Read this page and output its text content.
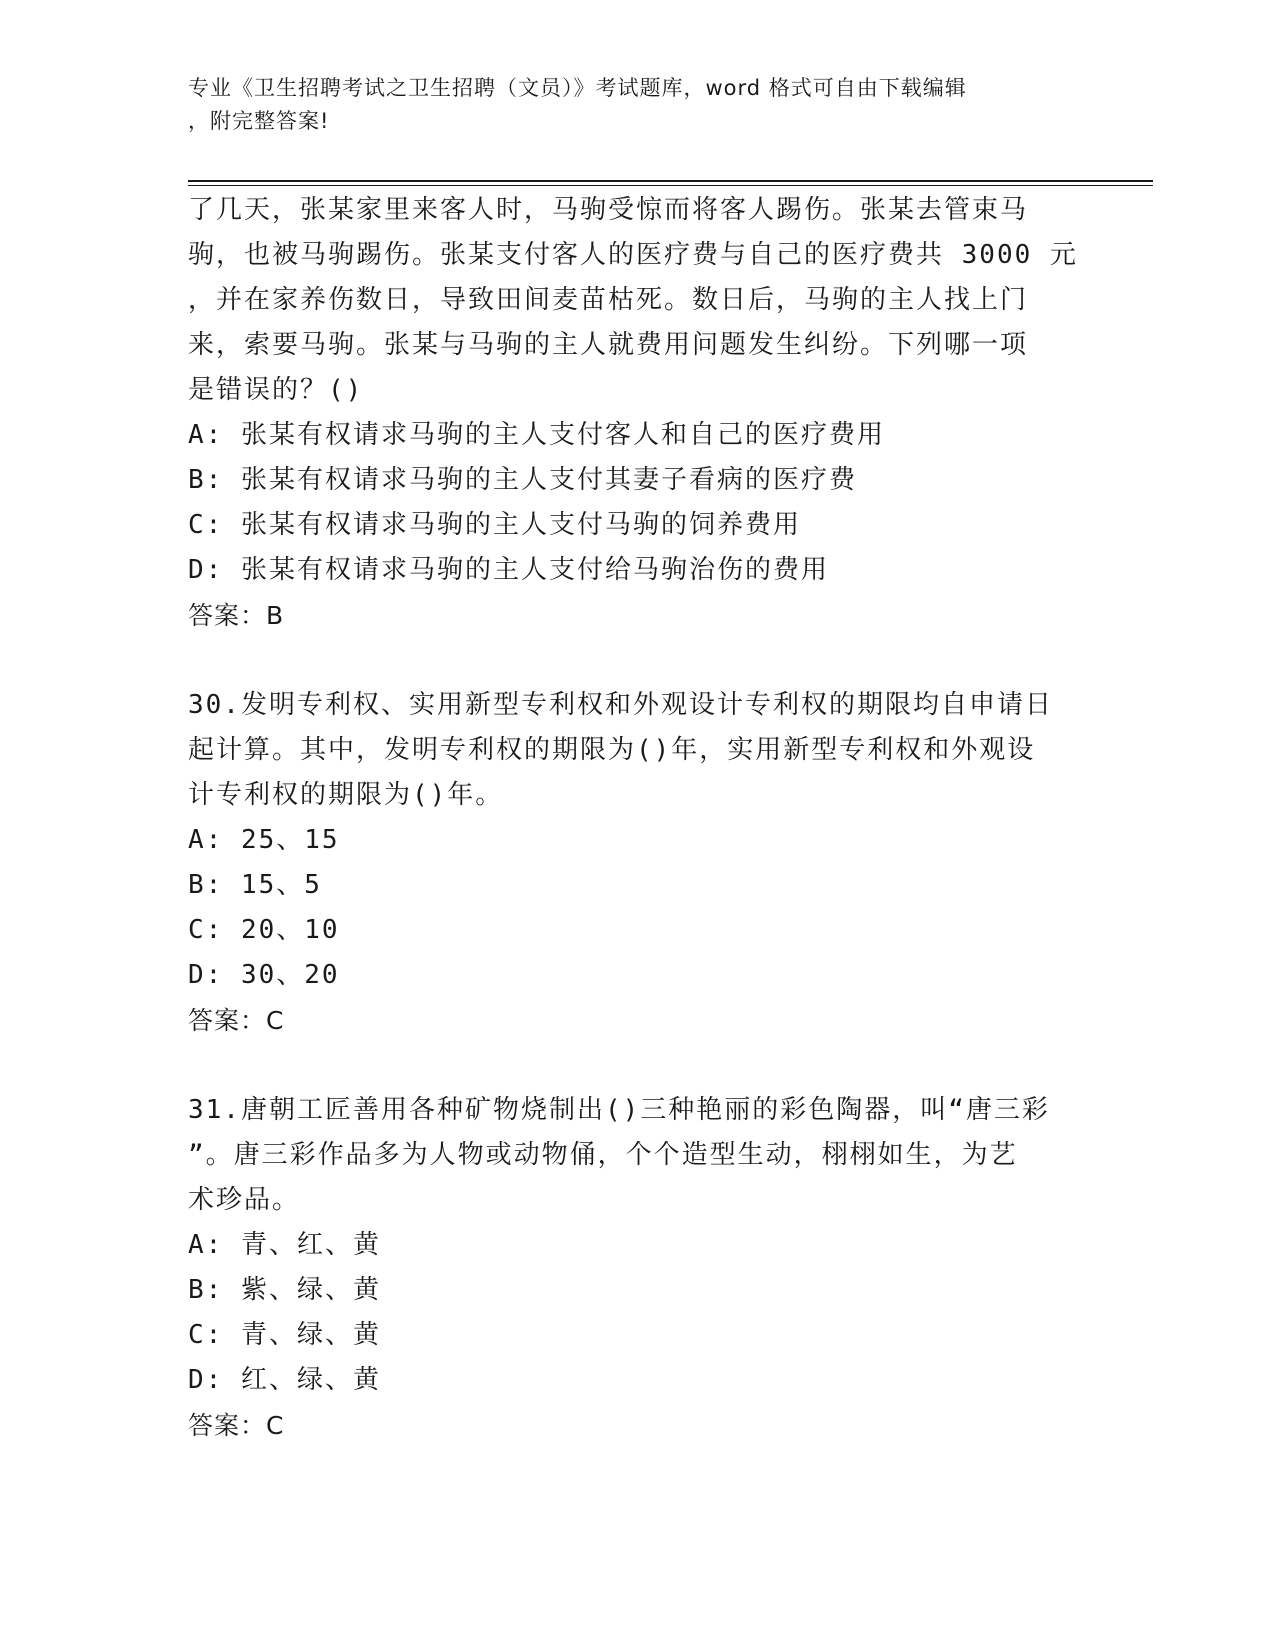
专业《卫生招聘考试之卫生招聘（文员）》考试题库，word 格式可自由下载编辑
，附完整答案!
了几天，张某家里来客人时，马驹受惊而将客人踢伤。张某去管束马
驹，也被马驹踢伤。张某支付客人的医疗费与自己的医疗费共 3000 元
，并在家养伤数日，导致田间麦苗枯死。数日后，马驹的主人找上门
来，索要马驹。张某与马驹的主人就费用问题发生纠纷。下列哪一项
是错误的？()
A: 张某有权请求马驹的主人支付客人和自己的医疗费用
B: 张某有权请求马驹的主人支付其妻子看病的医疗费
C: 张某有权请求马驹的主人支付马驹的饲养费用
D: 张某有权请求马驹的主人支付给马驹治伤的费用
答案：B
30.发明专利权、实用新型专利权和外观设计专利权的期限均自申请日
起计算。其中，发明专利权的期限为()年，实用新型专利权和外观设
计专利权的期限为()年。
A: 25、15
B: 15、5
C: 20、10
D: 30、20
答案：C
31.唐朝工匠善用各种矿物烧制出()三种艳丽的彩色陶器，叫“唐三彩
”。唐三彩作品多为人物或动物俑，个个造型生动，栩栩如生，为艺
术珍品。
A: 青、红、黄
B: 紫、绿、黄
C: 青、绿、黄
D: 红、绿、黄
答案：C
